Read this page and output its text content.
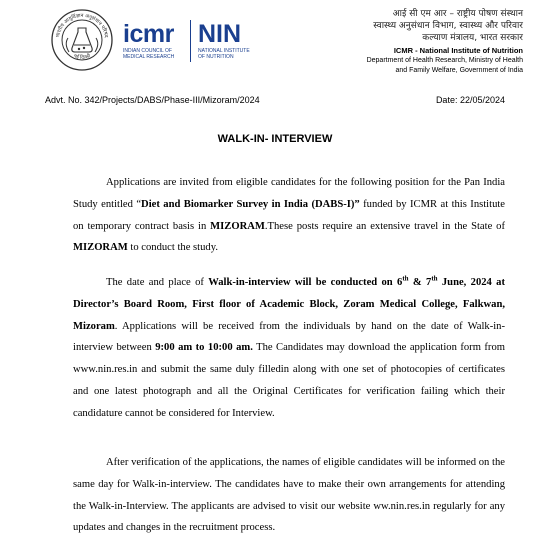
भारतीय आयुर्विज्ञान अनुसंधान परिषद
नई दिल्ली
icmr
INDIAN COUNCIL OF
MEDICAL RESEARCH
NIN
NATIONAL INSTITUTE
OF NUTRITION
आई सी एम आर – राष्ट्रीय पोषण संस्थान
स्वास्थ्य अनुसंधान विभाग, स्वास्थ्य और परिवार
कल्याण मंत्रालय, भारत सरकार
ICMR - National Institute of Nutrition
Department of Health Research, Ministry of Health
and Family Welfare, Government of India
Advt. No. 342/Projects/DABS/Phase-III/Mizoram/2024	Date: 22/05/2024
WALK-IN- INTERVIEW
Applications are invited from eligible candidates for the following position for the Pan India Study entitled “Diet and Biomarker Survey in India (DABS-I)” funded by ICMR at this Institute on temporary contract basis in MIZORAM.These posts require an extensive travel in the State of MIZORAM to conduct the study.
The date and place of Walk-in-interview will be conducted on 6th & 7th June, 2024 at Director’s Board Room, First floor of Academic Block, Zoram Medical College, Falkwan, Mizoram. Applications will be received from the individuals by hand on the date of Walk-in-interview between 9:00 am to 10:00 am. The Candidates may download the application form from www.nin.res.in and submit the same duly filledin along with one set of photocopies of certificates and one latest photograph and all the Original Certificates for verification failing which their candidature cannot be considered for Interview.
After verification of the applications, the names of eligible candidates will be informed on the same day for Walk-in-interview. The candidates have to make their own arrangements for attending the Walk-in-Interview. The applicants are advised to visit our website ww.nin.res.in regularly for any updates and changes in the recruitment process.
